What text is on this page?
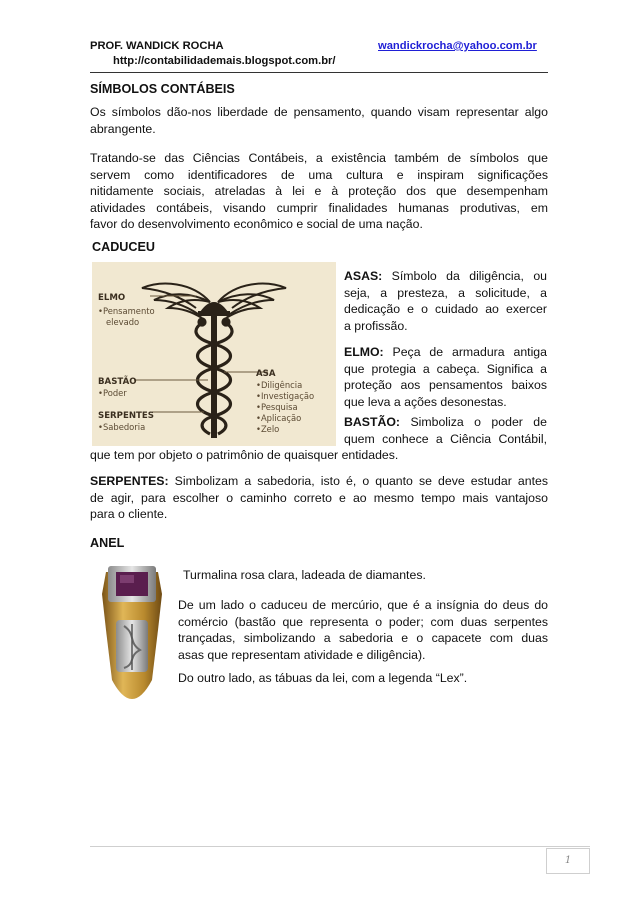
PROF. WANDICK ROCHA	wandickrocha@yahoo.com.br
http://contabilidademais.blogspot.com.br/
SÍMBOLOS CONTÁBEIS
Os símbolos dão-nos liberdade de pensamento, quando visam representar algo
abrangente.
Tratando-se das Ciências Contábeis, a existência também de símbolos que
servem como identificadores de uma cultura e inspiram significações
nitidamente sociais, atreladas à lei e à proteção dos que desempenham
atividades contábeis, visando cumprir finalidades humanas produtivas, em
favor do desenvolvimento econômico e social de uma nação.
CADUCEU
ELMO
•Pensamento
elevado
BASTÃO
•Poder
SERPENTES
•Sabedoria
ASA
•Diligência
•Investigação
•Pesquisa
•Aplicação
•Zelo
ASAS: Símbolo da diligência, ou
seja, a presteza, a solicitude, a
dedicação e o cuidado ao exercer
a profissão.
ELMO: Peça de armadura antiga
que protegia a cabeça. Significa a
proteção aos pensamentos baixos
que leva a ações desonestas.
BASTÃO: Simboliza o poder de
quem conhece a Ciência Contábil,
que tem por objeto o patrimônio de quaisquer entidades.
SERPENTES: Simbolizam a sabedoria, isto é, o quanto se deve estudar antes
de agir, para escolher o caminho correto e ao mesmo tempo mais vantajoso
para o cliente.
ANEL
Turmalina rosa clara, ladeada de diamantes.
De um lado o caduceu de mercúrio, que é a insígnia do deus do
comércio (bastão que representa o poder; com duas serpentes
trançadas, simbolizando a sabedoria e o capacete com duas
asas que representam atividade e diligência).
Do outro lado, as tábuas da lei, com a legenda “Lex”.
1
